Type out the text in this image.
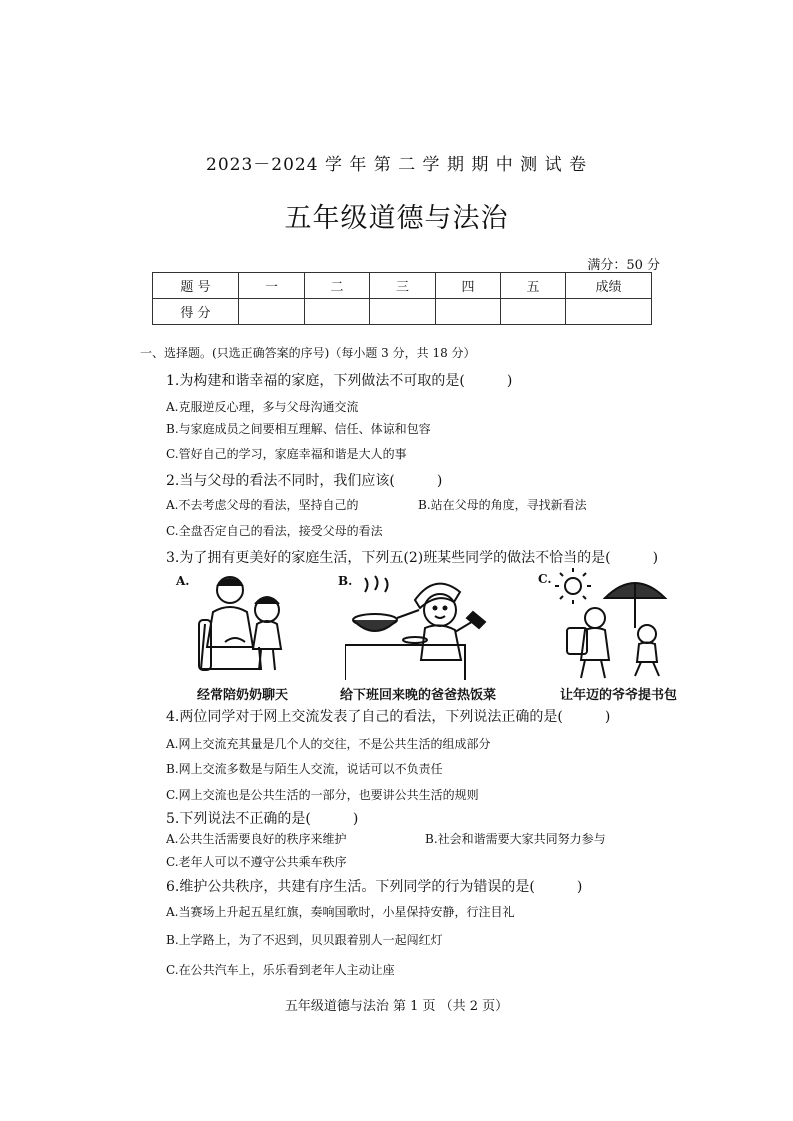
2023－2024 学 年 第 二 学 期 期 中 测 试 卷
五年级道德与法治
满分：50 分
题 号	一	二	三	四	五	成绩
得 分						
一、选择题。(只选正确答案的序号)（每小题 3 分，共 18 分）
1.为构建和谐幸福的家庭，下列做法不可取的是(　　　)
A.克服逆反心理，多与父母沟通交流
B.与家庭成员之间要相互理解、信任、体谅和包容
C.管好自己的学习，家庭幸福和谐是大人的事
2.当与父母的看法不同时，我们应该(　　　)
A.不去考虑父母的看法，坚持自己的	B.站在父母的角度，寻找新看法
C.全盘否定自己的看法，接受父母的看法
3.为了拥有更美好的家庭生活，下列五(2)班某些同学的做法不恰当的是(　　　)
A.
经常陪奶奶聊天
B.
给下班回来晚的爸爸热饭菜
C.
让年迈的爷爷提书包
4.两位同学对于网上交流发表了自己的看法，下列说法正确的是(　　　)
A.网上交流充其量是几个人的交往，不是公共生活的组成部分
B.网上交流多数是与陌生人交流，说话可以不负责任
C.网上交流也是公共生活的一部分，也要讲公共生活的规则
5.下列说法不正确的是(　　　)
A.公共生活需要良好的秩序来维护	B.社会和谐需要大家共同努力参与
C.老年人可以不遵守公共乘车秩序
6.维护公共秩序，共建有序生活。下列同学的行为错误的是(　　　)
A.当赛场上升起五星红旗，奏响国歌时，小星保持安静，行注目礼
B.上学路上，为了不迟到，贝贝跟着别人一起闯红灯
C.在公共汽车上，乐乐看到老年人主动让座
五年级道德与法治 第 1 页 （共 2 页）
